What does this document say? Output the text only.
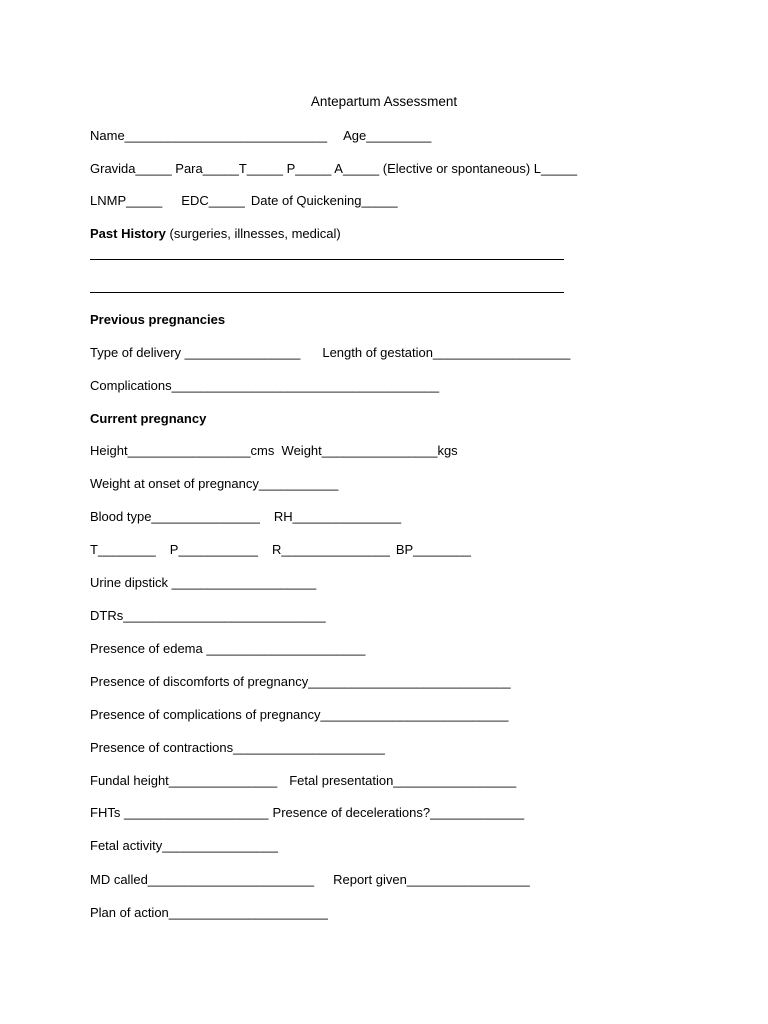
Antepartum Assessment
Name____________________________ Age_________
Gravida_____ Para_____T_____ P_____ A_____ (Elective or spontaneous) L_____
LNMP_____ EDC_____ Date of Quickening_____
Past History (surgeries, illnesses, medical)
Previous pregnancies
Type of delivery ________________ Length of gestation___________________
Complications_____________________________________
Current pregnancy
Height_________________cms  Weight________________kgs
Weight at onset of pregnancy___________
Blood type_______________ RH_______________
T________ P___________ R_______________ BP________
Urine dipstick ____________________
DTRs____________________________
Presence of edema ______________________
Presence of discomforts of pregnancy____________________________
Presence of complications of pregnancy__________________________
Presence of contractions_____________________
Fundal height_______________ Fetal presentation_________________
FHTs ____________________ Presence of decelerations?_____________
Fetal activity________________
MD called_______________________ Report given_________________
Plan of action______________________
